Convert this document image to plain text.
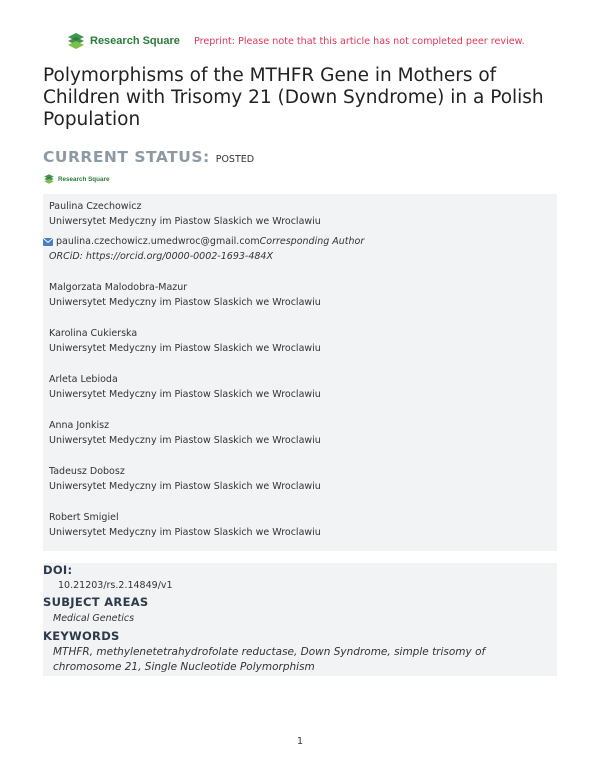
Research Square Preprint: Please note that this article has not completed peer review.
Polymorphisms of the MTHFR Gene in Mothers of Children with Trisomy 21 (Down Syndrome) in a Polish Population
CURRENT STATUS: POSTED
Research Square
Paulina Czechowicz
Uniwersytet Medyczny im Piastow Slaskich we Wroclawiu
paulina.czechowicz.umedwroc@gmail.comCorresponding Author
ORCiD: https://orcid.org/0000-0002-1693-484X
Malgorzata Malodobra-Mazur
Uniwersytet Medyczny im Piastow Slaskich we Wroclawiu
Karolina Cukierska
Uniwersytet Medyczny im Piastow Slaskich we Wroclawiu
Arleta Lebioda
Uniwersytet Medyczny im Piastow Slaskich we Wroclawiu
Anna Jonkisz
Uniwersytet Medyczny im Piastow Slaskich we Wroclawiu
Tadeusz Dobosz
Uniwersytet Medyczny im Piastow Slaskich we Wroclawiu
Robert Smigiel
Uniwersytet Medyczny im Piastow Slaskich we Wroclawiu
DOI:
10.21203/rs.2.14849/v1
SUBJECT AREAS
Medical Genetics
KEYWORDS
MTHFR, methylenetetrahydrofolate reductase, Down Syndrome, simple trisomy of chromosome 21, Single Nucleotide Polymorphism
1
